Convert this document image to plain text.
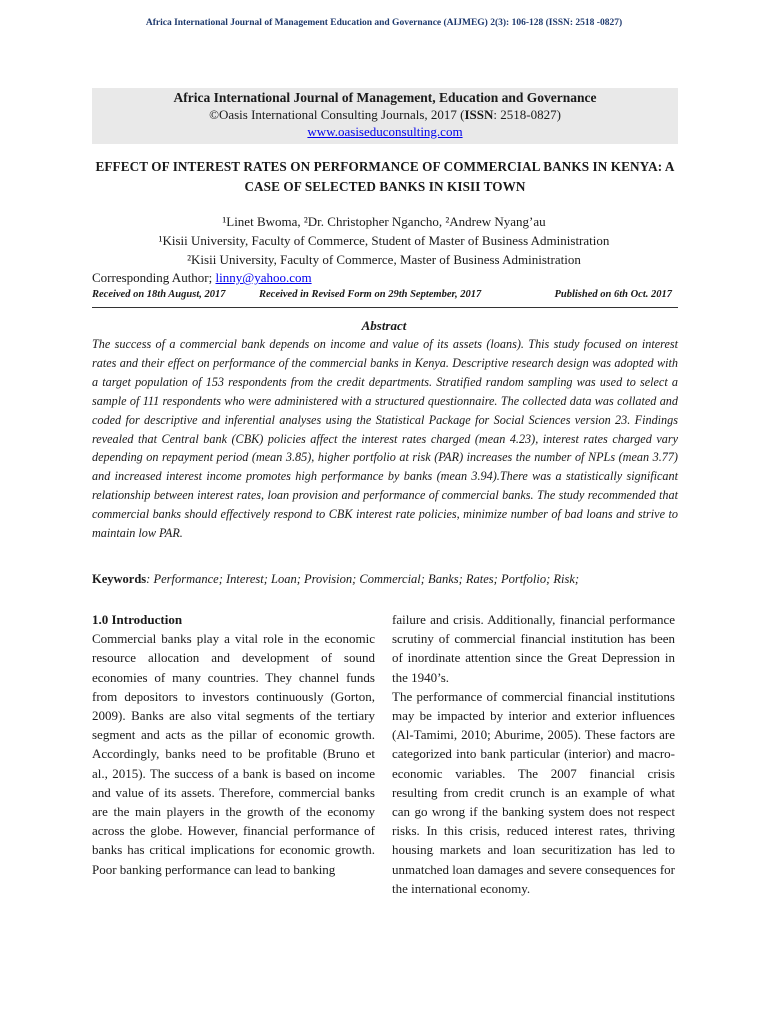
Africa International Journal of Management Education and Governance (AIJMEG) 2(3): 106-128 (ISSN: 2518 -0827)
Africa International Journal of Management, Education and Governance
©Oasis International Consulting Journals, 2017 (ISSN: 2518-0827)
www.oasiseduconsulting.com
EFFECT OF INTEREST RATES ON PERFORMANCE OF COMMERCIAL BANKS IN KENYA: A CASE OF SELECTED BANKS IN KISII TOWN
¹Linet Bwoma, ²Dr. Christopher Ngancho, ²Andrew Nyang’au
¹Kisii University, Faculty of Commerce, Student of Master of Business Administration
²Kisii University, Faculty of Commerce, Master of Business Administration
Corresponding Author; linny@yahoo.com
Received on 18th August, 2017	Received in Revised Form on 29th September, 2017	Published on 6th Oct. 2017
Abstract
The success of a commercial bank depends on income and value of its assets (loans). This study focused on interest rates and their effect on performance of the commercial banks in Kenya. Descriptive research design was adopted with a target population of 153 respondents from the credit departments. Stratified random sampling was used to select a sample of 111 respondents who were administered with a structured questionnaire. The collected data was collated and coded for descriptive and inferential analyses using the Statistical Package for Social Sciences version 23. Findings revealed that Central bank (CBK) policies affect the interest rates charged (mean 4.23), interest rates charged vary depending on repayment period (mean 3.85), higher portfolio at risk (PAR) increases the number of NPLs (mean 3.77) and increased interest income promotes high performance by banks (mean 3.94).There was a statistically significant relationship between interest rates, loan provision and performance of commercial banks. The study recommended that commercial banks should effectively respond to CBK interest rate policies, minimize number of bad loans and strive to maintain low PAR.
Keywords: Performance; Interest; Loan; Provision; Commercial; Banks; Rates; Portfolio; Risk;
1.0 Introduction

Commercial banks play a vital role in the economic resource allocation and development of sound economies of many countries. They channel funds from depositors to investors continuously (Gorton, 2009). Banks are also vital segments of the tertiary segment and acts as the pillar of economic growth. Accordingly, banks need to be profitable (Bruno et al., 2015). The success of a bank is based on income and value of its assets. Therefore, commercial banks are the main players in the growth of the economy across the globe. However, financial performance of banks has critical implications for economic growth. Poor banking performance can lead to banking

failure and crisis. Additionally, financial performance scrutiny of commercial financial institution has been of inordinate attention since the Great Depression in the 1940’s.

The performance of commercial financial institutions may be impacted by interior and exterior influences (Al-Tamimi, 2010; Aburime, 2005). These factors are categorized into bank particular (interior) and macro-economic variables. The 2007 financial crisis resulting from credit crunch is an example of what can go wrong if the banking system does not respect risks. In this crisis, reduced interest rates, thriving housing markets and loan securitization has led to unmatched loan damages and severe consequences for the international economy.
